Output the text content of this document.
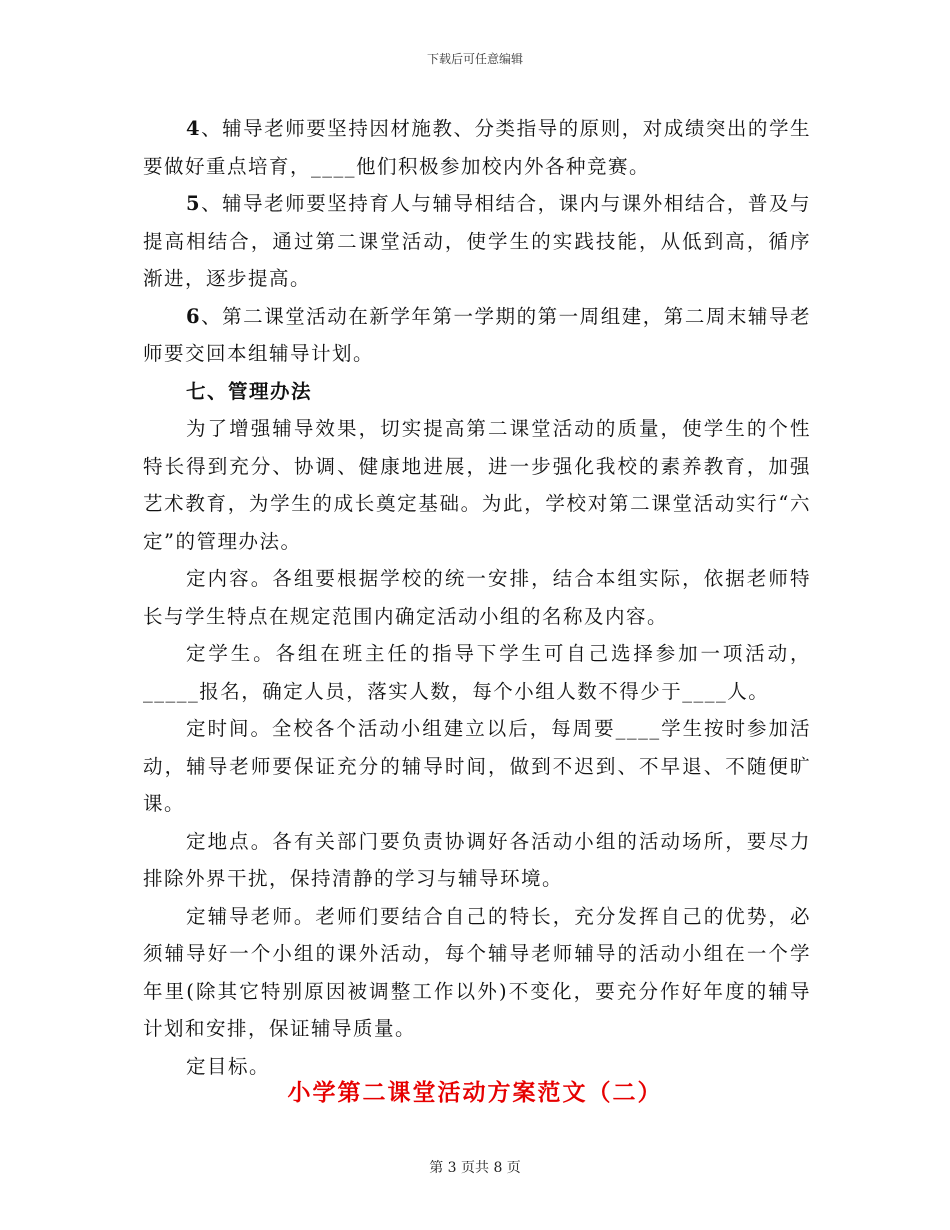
下载后可任意编辑

4、辅导老师要坚持因材施教、分类指导的原则，对成绩突出的学生要做好重点培育，____他们积极参加校内外各种竞赛。

5、辅导老师要坚持育人与辅导相结合，课内与课外相结合，普及与提高相结合，通过第二课堂活动，使学生的实践技能，从低到高，循序渐进，逐步提高。

6、第二课堂活动在新学年第一学期的第一周组建，第二周末辅导老师要交回本组辅导计划。

七、管理办法

为了增强辅导效果，切实提高第二课堂活动的质量，使学生的个性特长得到充分、协调、健康地进展，进一步强化我校的素养教育，加强艺术教育，为学生的成长奠定基础。为此，学校对第二课堂活动实行“六定”的管理办法。

定内容。各组要根据学校的统一安排，结合本组实际，依据老师特长与学生特点在规定范围内确定活动小组的名称及内容。

定学生。各组在班主任的指导下学生可自己选择参加一项活动，_____报名，确定人员，落实人数，每个小组人数不得少于____人。

定时间。全校各个活动小组建立以后，每周要____学生按时参加活动，辅导老师要保证充分的辅导时间，做到不迟到、不早退、不随便旷课。

定地点。各有关部门要负责协调好各活动小组的活动场所，要尽力排除外界干扰，保持清静的学习与辅导环境。

定辅导老师。老师们要结合自己的特长，充分发挥自己的优势，必须辅导好一个小组的课外活动，每个辅导老师辅导的活动小组在一个学年里(除其它特别原因被调整工作以外)不变化，要充分作好年度的辅导计划和安排，保证辅导质量。

定目标。

小学第二课堂活动方案范文（二）
第 3 页共 8 页
